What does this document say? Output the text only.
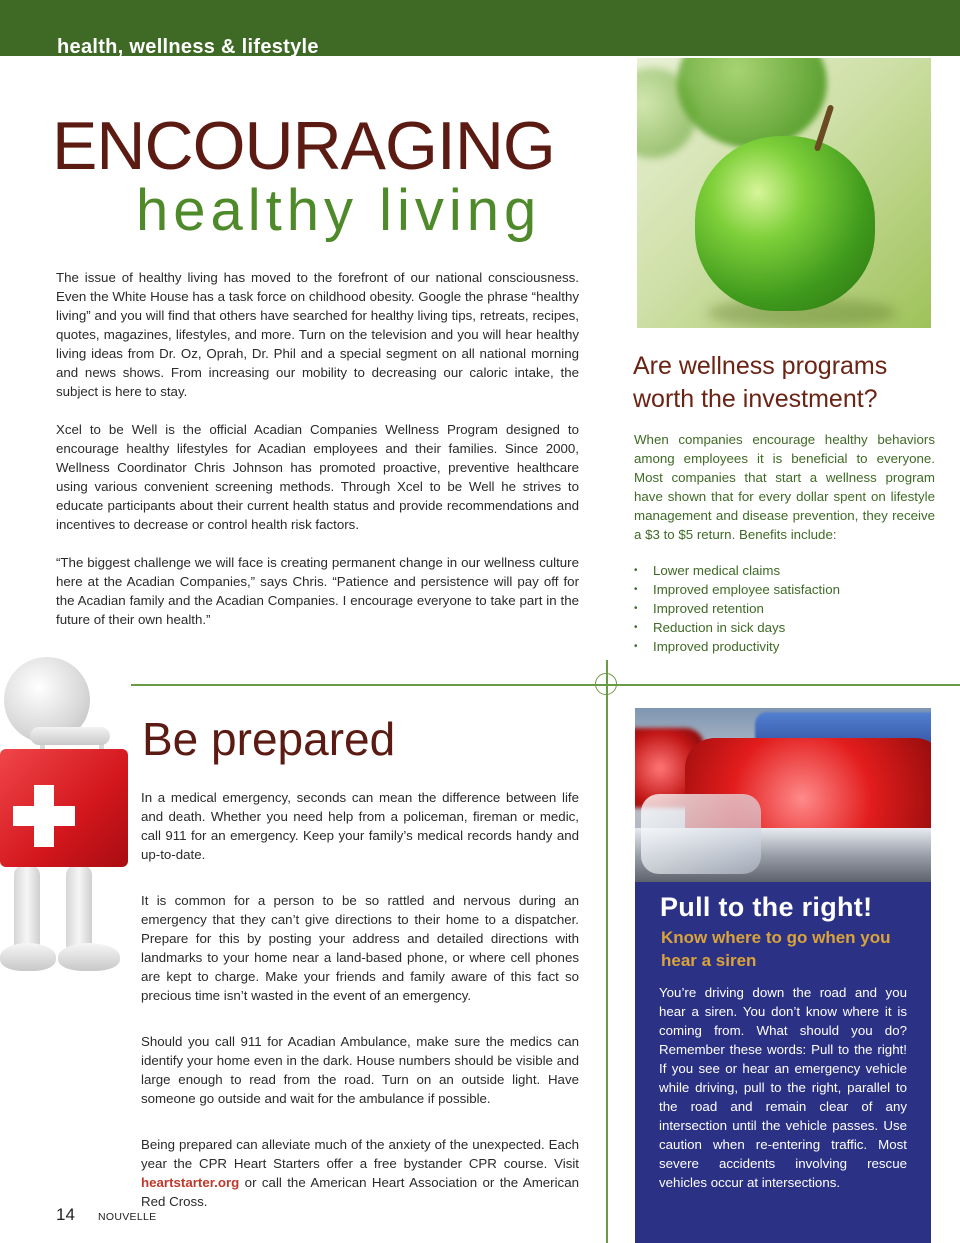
health, wellness & lifestyle
ENCOURAGING
healthy living

The issue of healthy living has moved to the forefront of our national consciousness. Even the White House has a task force on childhood obesity. Google the phrase “healthy living” and you will find that others have searched for healthy living tips, retreats, recipes, quotes, magazines, lifestyles, and more. Turn on the television and you will hear healthy living ideas from Dr. Oz, Oprah, Dr. Phil and a special segment on all national morning and news shows. From increasing our mobility to decreasing our caloric intake, the subject is here to stay.

Xcel to be Well is the official Acadian Companies Wellness Program designed to encourage healthy lifestyles for Acadian employees and their families. Since 2000, Wellness Coordinator Chris Johnson has promoted proactive, preventive healthcare using various convenient screening methods. Through Xcel to be Well he strives to educate participants about their current health status and provide recommendations and incentives to decrease or control health risk factors.

“The biggest challenge we will face is creating permanent change in our wellness culture here at the Acadian Companies,” says Chris. “Patience and persistence will pay off for the Acadian family and the Acadian Companies. I encourage everyone to take part in the future of their own health.”

Are wellness programs worth the investment?
When companies encourage healthy behaviors among employees it is beneficial to everyone. Most companies that start a wellness program have shown that for every dollar spent on lifestyle management and disease prevention, they receive a $3 to $5 return. Benefits include:
• Lower medical claims
• Improved employee satisfaction
• Improved retention
• Reduction in sick days
• Improved productivity
Be prepared

In a medical emergency, seconds can mean the difference between life and death. Whether you need help from a policeman, fireman or medic, call 911 for an emergency. Keep your family’s medical records handy and up-to-date.

It is common for a person to be so rattled and nervous during an emergency that they can’t give directions to their home to a dispatcher. Prepare for this by posting your address and detailed directions with landmarks to your home near a land-based phone, or where cell phones are kept to charge. Make your friends and family aware of this fact so precious time isn’t wasted in the event of an emergency.

Should you call 911 for Acadian Ambulance, make sure the medics can identify your home even in the dark. House numbers should be visible and large enough to read from the road. Turn on an outside light. Have someone go outside and wait for the ambulance if possible.

Being prepared can alleviate much of the anxiety of the unexpected. Each year the CPR Heart Starters offer a free bystander CPR course. Visit heartstarter.org or call the American Heart Association or the American Red Cross.

Pull to the right!
Know where to go when you hear a siren
You’re driving down the road and you hear a siren. You don’t know where it is coming from. What should you do? Remember these words: Pull to the right! If you see or hear an emergency vehicle while driving, pull to the right, parallel to the road and remain clear of any intersection until the vehicle passes. Use caution when re-entering traffic. Most severe accidents involving rescue vehicles occur at intersections.
14 NOUVELLE
